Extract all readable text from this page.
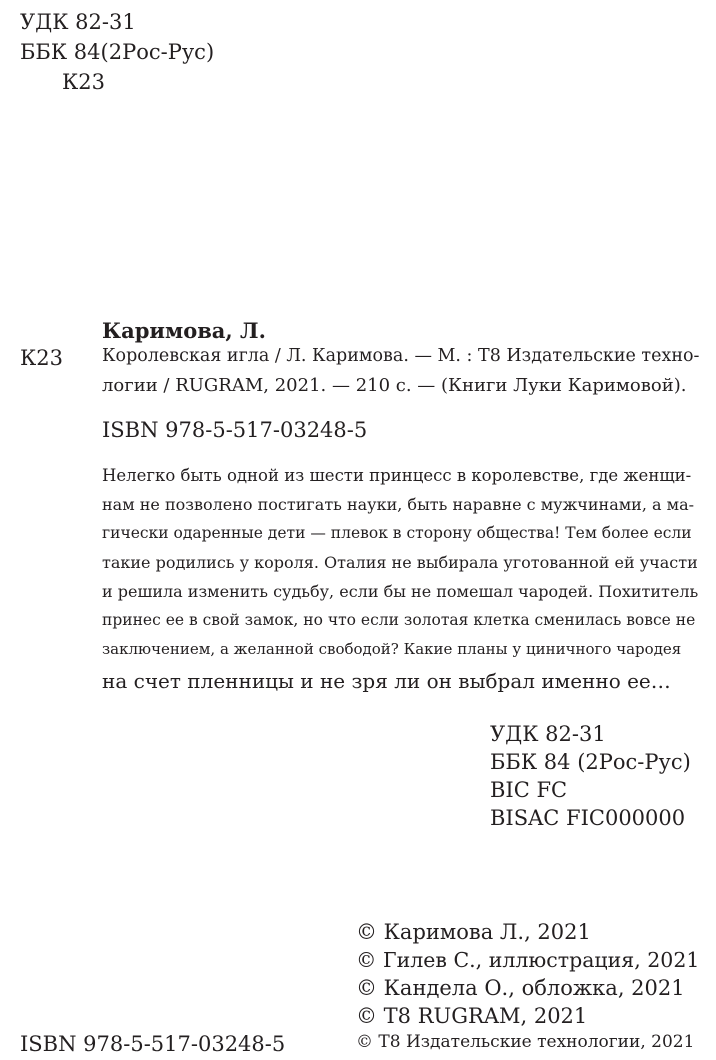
УДК 82-31
ББК 84(2Рос-Рус)
К23
Каримова, Л.
К23 Королевская игла / Л. Каримова. — М. : Т8 Издательские техно-
логии / RUGRAM, 2021. — 210 с. — (Книги Луки Каримовой).
ISBN 978-5-517-03248-5
Нелегко быть одной из шести принцесс в королевстве, где женщи-
нам не позволено постигать науки, быть наравне с мужчинами, а ма-
гически одаренные дети — плевок в сторону общества! Тем более если
такие родились у короля. Оталия не выбирала уготованной ей участи
и решила изменить судьбу, если бы не помешал чародей. Похититель
принес ее в свой замок, но что если золотая клетка сменилась вовсе не
заключением, а желанной свободой? Какие планы у циничного чародея
на счет пленницы и не зря ли он выбрал именно ее…
УДК 82-31
ББК 84 (2Рос-Рус)
BIC FC
BISAC FIC000000
© Каримова Л., 2021
© Гилев С., иллюстрация, 2021
© Кандела О., обложка, 2021
© Т8 RUGRAM, 2021
© Т8 Издательские технологии, 2021
ISBN 978-5-517-03248-5
